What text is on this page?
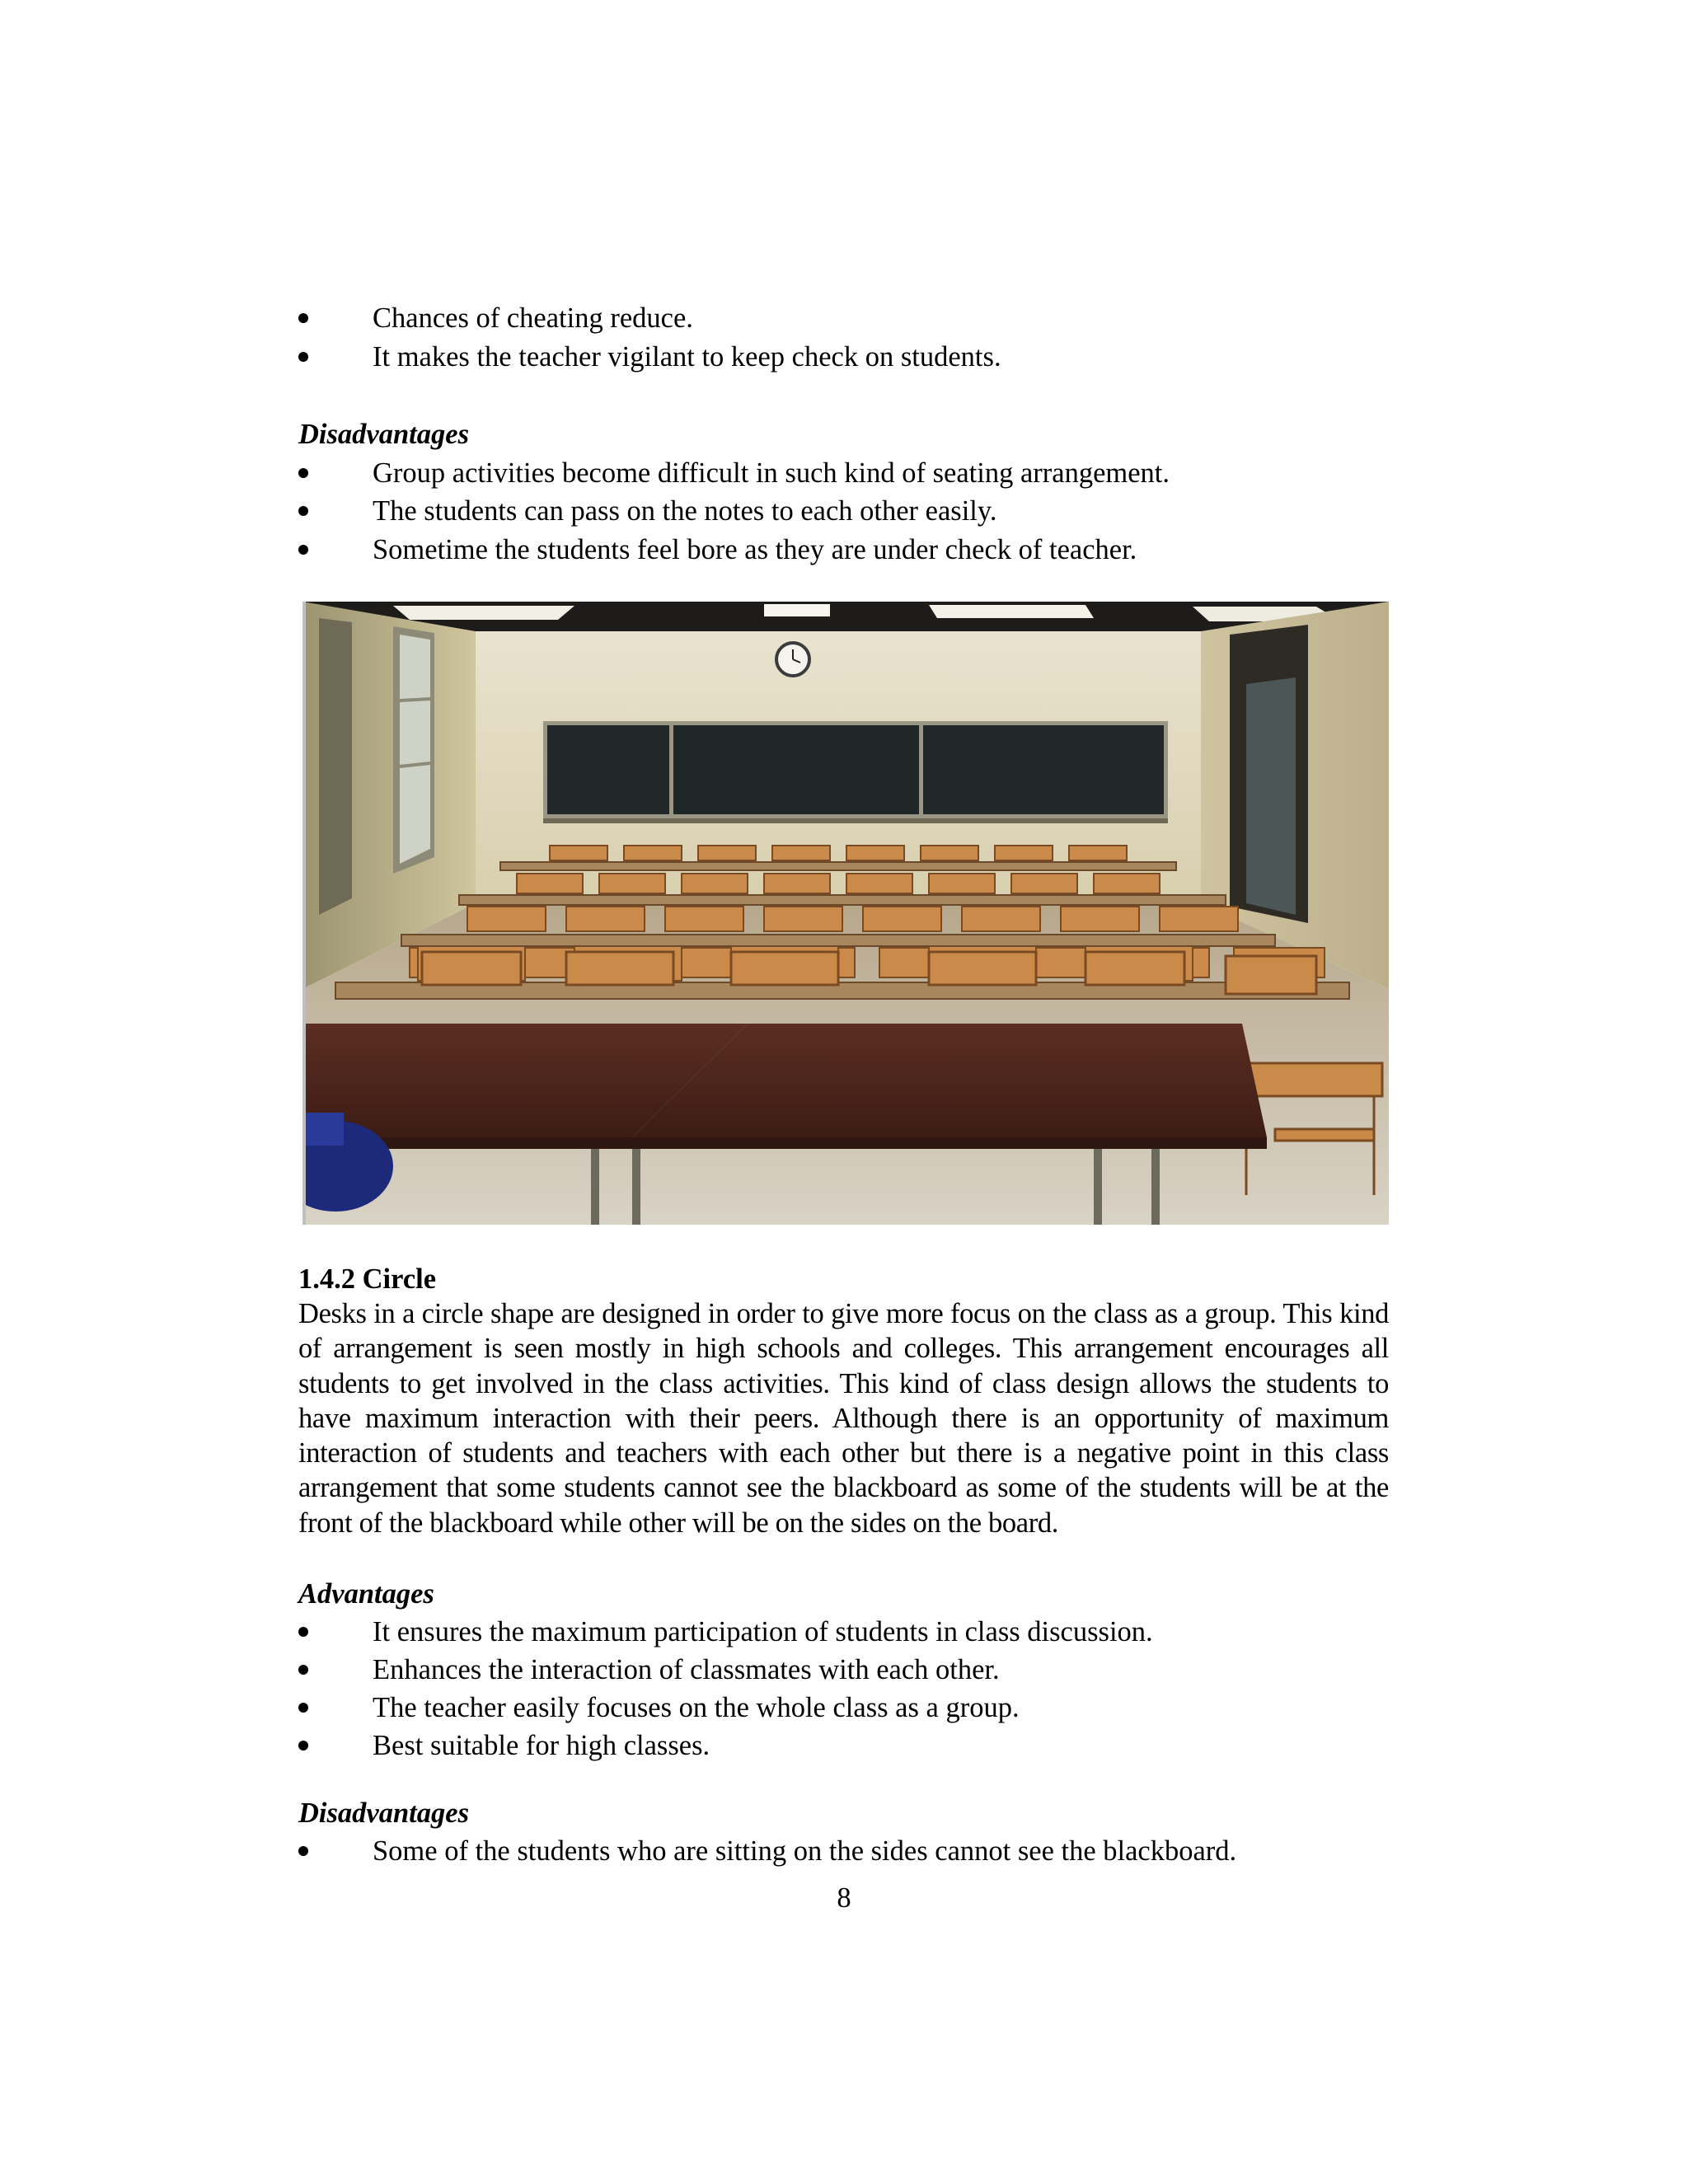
Chances of cheating reduce.
It makes the teacher vigilant to keep check on students.
Disadvantages
Group activities become difficult in such kind of seating arrangement.
The students can pass on the notes to each other easily.
Sometime the students feel bore as they are under check of teacher.
1.4.2 Circle
Desks in a circle shape are designed in order to give more focus on the class as a group. This kind of arrangement is seen mostly in high schools and colleges. This arrangement encourages all students to get involved in the class activities. This kind of class design allows the students to have maximum interaction with their peers. Although there is an opportunity of maximum interaction of students and teachers with each other but there is a negative point in this class arrangement that some students cannot see the blackboard as some of the students will be at the front of the blackboard while other will be on the sides on the board.
Advantages
It ensures the maximum participation of students in class discussion.
Enhances the interaction of classmates with each other.
The teacher easily focuses on the whole class as a group.
Best suitable for high classes.
Disadvantages
Some of the students who are sitting on the sides cannot see the blackboard.
8
